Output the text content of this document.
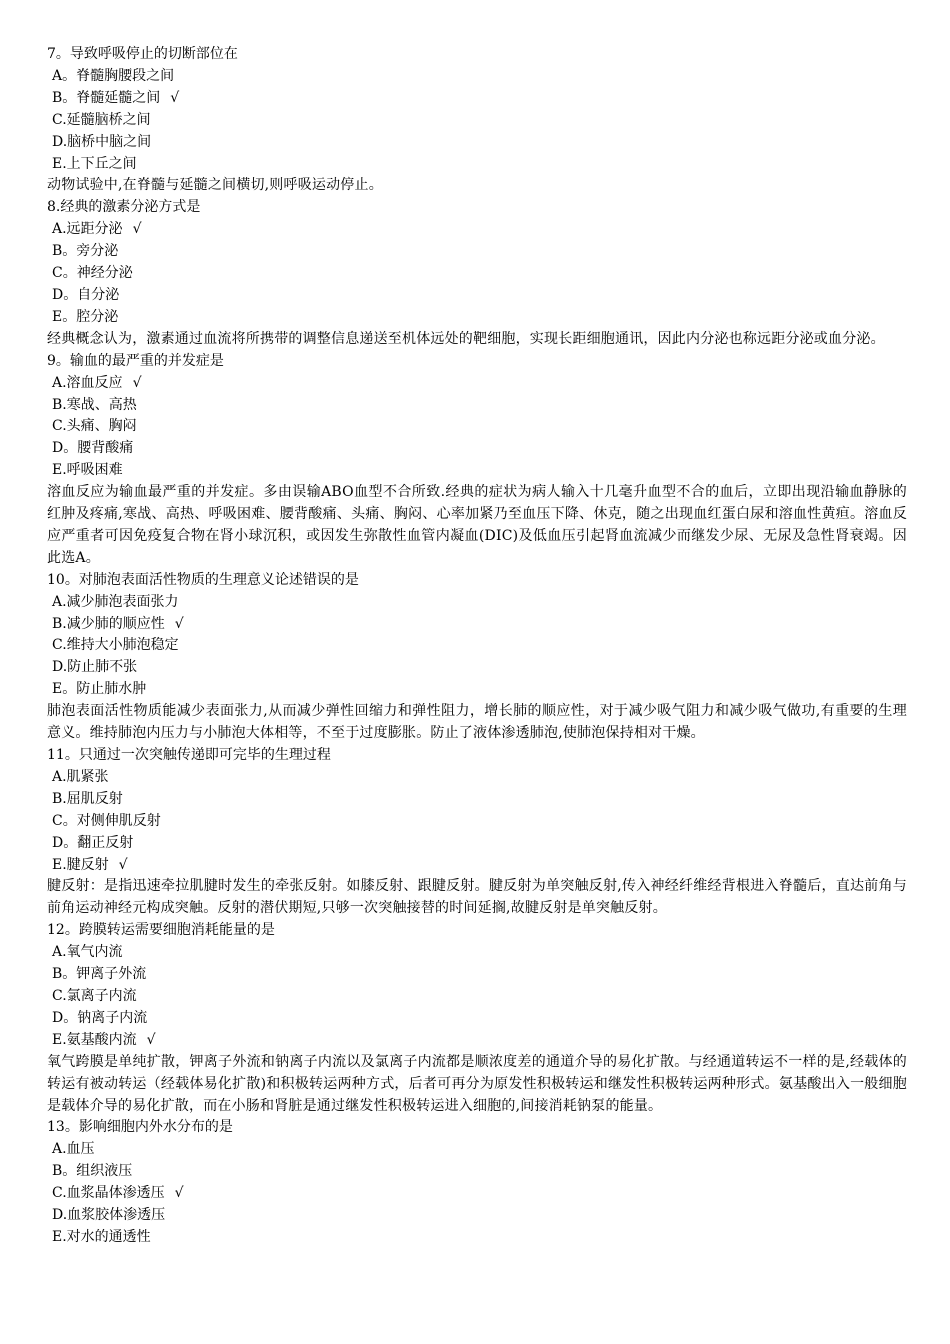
7。导致呼吸停止的切断部位在

A。脊髓胸腰段之间

B。脊髓延髓之间 √

C.延髓脑桥之间

D.脑桥中脑之间

E.上下丘之间

动物试验中,在脊髓与延髓之间横切,则呼吸运动停止。

8.经典的激素分泌方式是

A.远距分泌 √

B。旁分泌

C。神经分泌

D。自分泌

E。腔分泌

经典概念认为，激素通过血流将所携带的调整信息递送至机体远处的靶细胞，实现长距细胞通讯，因此内分泌也称远距分泌或血分泌。

9。输血的最严重的并发症是

A.溶血反应 √

B.寒战、高热

C.头痛、胸闷

D。腰背酸痛

E.呼吸困难

溶血反应为输血最严重的并发症。多由误输ABO血型不合所致.经典的症状为病人输入十几毫升血型不合的血后，立即出现沿输血静脉的红肿及疼痛,寒战、高热、呼吸困难、腰背酸痛、头痛、胸闷、心率加紧乃至血压下降、休克，随之出现血红蛋白尿和溶血性黄疸。溶血反应严重者可因免疫复合物在肾小球沉积，或因发生弥散性血管内凝血(DIC)及低血压引起肾血流减少而继发少尿、无尿及急性肾衰竭。因此选A。

10。对肺泡表面活性物质的生理意义论述错误的是

A.减少肺泡表面张力

B.减少肺的顺应性 √

C.维持大小肺泡稳定

D.防止肺不张

E。防止肺水肿

肺泡表面活性物质能减少表面张力,从而减少弹性回缩力和弹性阻力，增长肺的顺应性，对于减少吸气阻力和减少吸气做功,有重要的生理意义。维持肺泡内压力与小肺泡大体相等，不至于过度膨胀。防止了液体渗透肺泡,使肺泡保持相对干燥。

11。只通过一次突触传递即可完毕的生理过程

A.肌紧张

B.屈肌反射

C。对侧伸肌反射

D。翻正反射

E.腱反射 √

腱反射：是指迅速牵拉肌腱时发生的牵张反射。如膝反射、跟腱反射。腱反射为单突触反射,传入神经纤维经背根进入脊髓后，直达前角与前角运动神经元构成突触。反射的潜伏期短,只够一次突触接替的时间延搁,故腱反射是单突触反射。

12。跨膜转运需要细胞消耗能量的是

A.氧气内流

B。钾离子外流

C.氯离子内流

D。钠离子内流

E.氨基酸内流 √

氧气跨膜是单纯扩散，钾离子外流和钠离子内流以及氯离子内流都是顺浓度差的通道介导的易化扩散。与经通道转运不一样的是,经载体的转运有被动转运（经载体易化扩散)和积极转运两种方式，后者可再分为原发性积极转运和继发性积极转运两种形式。氨基酸出入一般细胞是载体介导的易化扩散，而在小肠和肾脏是通过继发性积极转运进入细胞的,间接消耗钠泵的能量。

13。影响细胞内外水分布的是

A.血压

B。组织液压

C.血浆晶体渗透压 √

D.血浆胶体渗透压

E.对水的通透性
